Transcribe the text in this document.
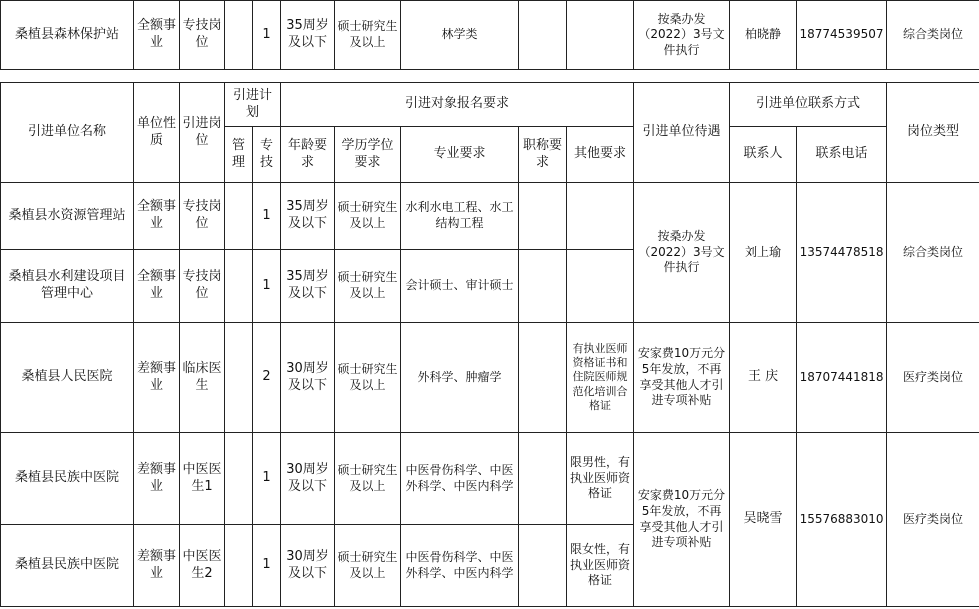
桑植县森林保护站	全额事业	专技岗位		1	35周岁及以下	硕士研究生及以上	林学类			按桑办发（2022）3号文件执行	柏晓静	18774539507	综合类岗位
引进单位名称	单位性质	引进岗位	引进计划		引进对象报名要求					引进单位待遇	引进单位联系方式		岗位类型
			管理	专技	年龄要求	学历学位要求	专业要求	职称要求	其他要求		联系人	联系电话	
桑植县水资源管理站	全额事业	专技岗位		1	35周岁及以下	硕士研究生及以上	水利水电工程、水工结构工程			按桑办发（2022）3号文件执行	刘上瑜	13574478518	综合类岗位
桑植县水利建设项目管理中心	全额事业	专技岗位		1	35周岁及以下	硕士研究生及以上	会计硕士、审计硕士						
桑植县人民医院	差额事业	临床医生		2	30周岁及以下	硕士研究生及以上	外科学、肿瘤学		有执业医师资格证书和住院医师规范化培训合格证	安家费10万元分5年发放，不再享受其他人才引进专项补贴	王 庆	18707441818	医疗类岗位
桑植县民族中医院	差额事业	中医医生1		1	30周岁及以下	硕士研究生及以上	中医骨伤科学、中医外科学、中医内科学		限男性，有执业医师资格证	安家费10万元分5年发放，不再享受其他人才引进专项补贴	吴晓雪	15576883010	医疗类岗位
桑植县民族中医院	差额事业	中医医生2		1	30周岁及以下	硕士研究生及以上	中医骨伤科学、中医外科学、中医内科学		限女性，有执业医师资格证				
